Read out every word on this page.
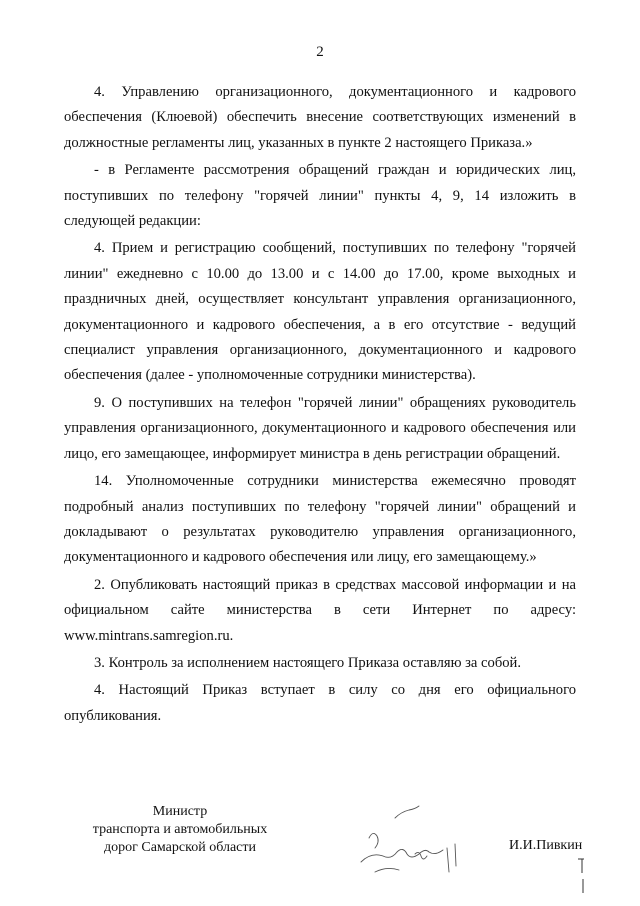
2

4. Управлению организационного, документационного и кадрового обеспечения (Клюевой) обеспечить внесение соответствующих изменений в должностные регламенты лиц, указанных в пункте 2 настоящего Приказа.»

- в Регламенте рассмотрения обращений граждан и юридических лиц, поступивших по телефону "горячей линии" пункты 4, 9, 14 изложить в следующей редакции:

4. Прием и регистрацию сообщений, поступивших по телефону "горячей линии" ежедневно с 10.00 до 13.00 и с 14.00 до 17.00, кроме выходных и праздничных дней, осуществляет консультант управления организационного, документационного и кадрового обеспечения, а в его отсутствие - ведущий специалист управления организационного, документационного и кадрового обеспечения (далее - уполномоченные сотрудники министерства).

9. О поступивших на телефон "горячей линии" обращениях руководитель управления организационного, документационного и кадрового обеспечения или лицо, его замещающее, информирует министра в день регистрации обращений.

14. Уполномоченные сотрудники министерства ежемесячно проводят подробный анализ поступивших по телефону "горячей линии" обращений и докладывают о результатах руководителю управления организационного, документационного и кадрового обеспечения или лицу, его замещающему.»

2. Опубликовать настоящий приказ в средствах массовой информации и на официальном сайте министерства в сети Интернет по адресу: www.mintrans.samregion.ru.

3. Контроль за исполнением настоящего Приказа оставляю за собой.

4. Настоящий Приказ вступает в силу со дня его официального опубликования.

Министр
транспорта и автомобильных
дорог Самарской области	И.И.Пивкин
